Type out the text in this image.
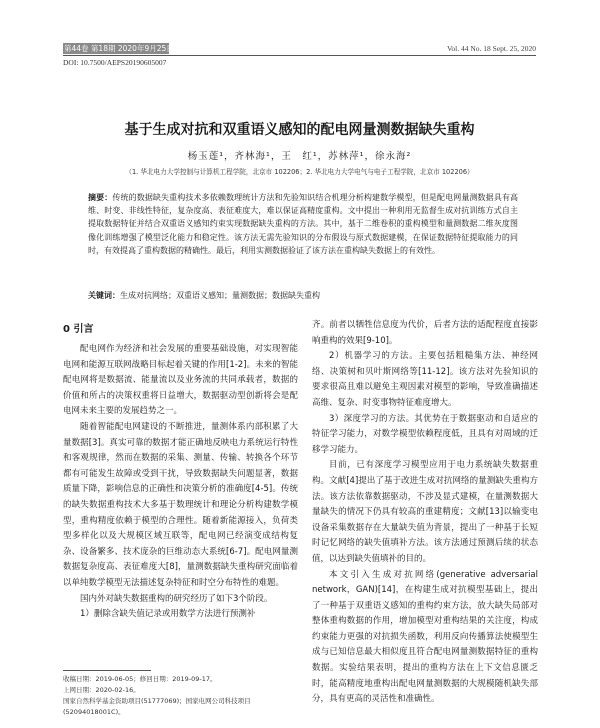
第44卷 第18期 2020年9月25日	Vol. 44 No. 18 Sept. 25, 2020
DOI: 10.7500/AEPS20190605007
基于生成对抗和双重语义感知的配电网量测数据缺失重构
杨玉莲¹，齐林海¹，王　红¹，苏林萍¹，徐永海²
（1. 华北电力大学控制与计算机工程学院，北京市 102206；2. 华北电力大学电气与电子工程学院，北京市 102206）
摘要：传统的数据缺失重构技术多依赖数理统计方法和先验知识结合机理分析构建数学模型，但是配电网量测数据具有高维、时变、非线性特征，复杂度高、表征难度大，难以保证高精度重构。文中提出一种利用无监督生成对抗训练方式自主提取数据特征并结合双重语义感知约束实现数据缺失重构的方法。其中，基于二维卷积的重构模型和量测数据二维灰度图像化训练增强了模型泛化能力和稳定性。该方法无需先验知识的分布假设与原式数据建模，在保证数据特征提取能力的同时，有效提高了重构数据的精确性。最后，利用实测数据验证了该方法在重构缺失数据上的有效性。
关键词：生成对抗网络；双重语义感知；量测数据；数据缺失重构
0 引言

配电网作为经济和社会发展的重要基础设施，对实现智能电网和能源互联网战略目标起着关键的作用[1-2]。未来的智能配电网将是数据流、能量流以及业务流的共同承载者，数据的价值和所占的决策权重将日益增大，数据驱动型创新将会是配电网未来主要的发展趋势之一。

随着智能配电网建设的不断推进，量测体系内部积累了大量数据[3]。真实可靠的数据才能正确地反映电力系统运行特性和客观规律，然而在数据的采集、测量、传输、转换各个环节都有可能发生故障或受到干扰，导致数据缺失问题显著，数据质量下降，影响信息的正确性和决策分析的准确度[4-5]。传统的缺失数据重构技术大多基于数理统计和理论分析构建数学模型，重构精度依赖于模型的合理性。随着新能源接入，负荷类型多样化以及大规模区域互联等，配电网已经演变成结构复杂、设备繁多、技术庞杂的巨维动态大系统[6-7]。配电网量测数据复杂度高、表征难度大[8]，量测数据缺失重构研究面临着以单纯数学模型无法描述复杂特征和时空分布特性的难题。

国内外对缺失数据重构的研究经历了如下3个阶段。

1）删除含缺失值记录或用数学方法进行预测补

齐。前者以牺牲信息度为代价，后者方法的适配程度直接影响重构的效果[9-10]。

2）机器学习的方法。主要包括粗糙集方法、神经网络、决策树和贝叶斯网络等[11-12]。该方法对先验知识的要求很高且难以避免主观因素对模型的影响，导致准确描述高维、复杂、时变事物特征难度增大。

3）深度学习的方法。其优势在于数据驱动和自适应的特征学习能力，对数学模型依赖程度低，且具有对周域的迁移学习能力。

目前，已有深度学习模型应用于电力系统缺失数据重构。文献[4]提出了基于改进生成对抗网络的量测缺失重构方法。该方法依靠数据驱动，不涉及显式建模，在量测数据大量缺失的情况下仍具有较高的重建精度；文献[13]以输变电设备采集数据存在大量缺失值为背景，提出了一种基于长短时记忆网络的缺失值填补方法。该方法通过预测后续的状态值，以达到缺失值填补的目的。

本文引入生成对抗网络(generative adversarial network，GAN)[14]，在构建生成对抗模型基础上，提出了一种基于双重语义感知的重构约束方法，放大缺失局部对整体重构数据的作用，增加模型对重构结果的关注度，构成约束能力更强的对抗损失函数，利用反向传播算法使模型生成与已知信息最大相似度且符合配电网量测数据特征的重构数据。实验结果表明，提出的重构方法在上下文信息匮乏时，能高精度地重构出配电网量测数据的大规模随机缺失部分，具有更高的灵活性和准确性。

收稿日期：2019-06-05；修回日期：2019-09-17。
上网日期：2020-02-16。
国家自然科学基金资助项目(51777069)；国家电网公司科技项目(52094018001C)。
